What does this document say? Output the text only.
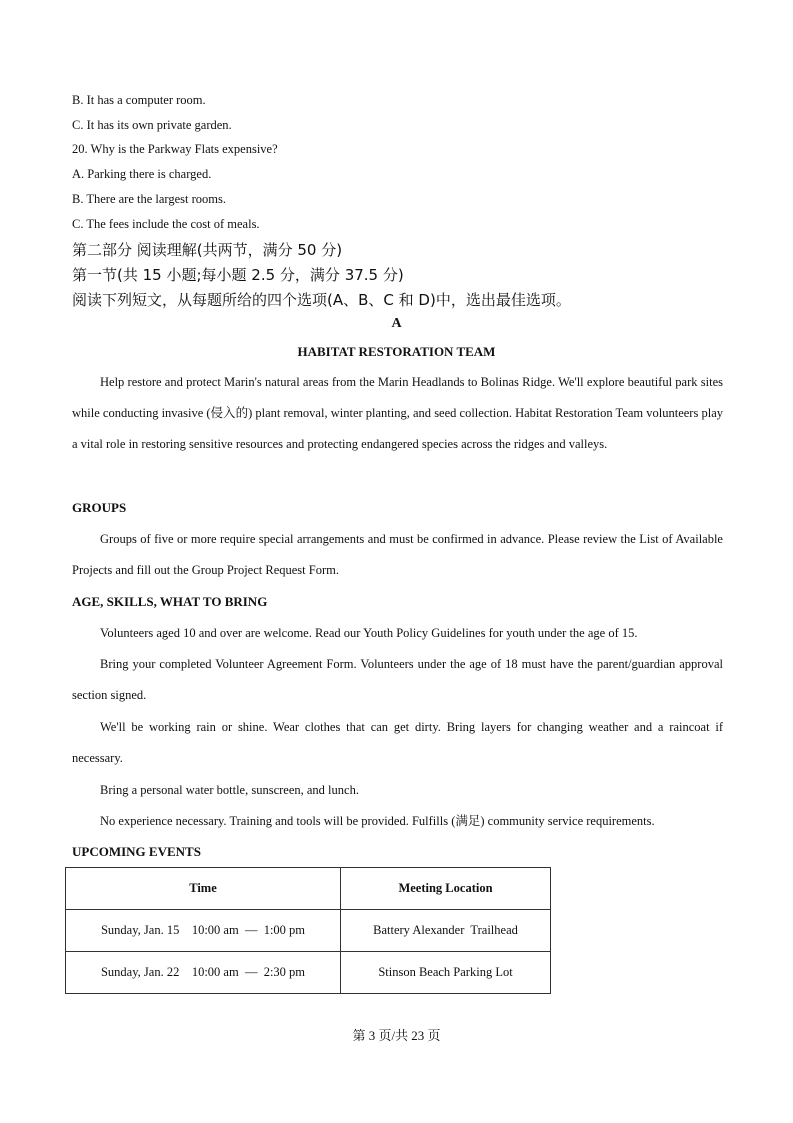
B. It has a computer room.
C. It has its own private garden.
20. Why is the Parkway Flats expensive?
A. Parking there is charged.
B. There are the largest rooms.
C. The fees include the cost of meals.
第二部分 阅读理解(共两节，满分 50 分)
第一节(共 15 小题;每小题 2.5 分，满分 37.5 分)
阅读下列短文，从每题所给的四个选项(A、B、C 和 D)中，选出最佳选项。
A
HABITAT RESTORATION TEAM
Help restore and protect Marin's natural areas from the Marin Headlands to Bolinas Ridge. We'll explore beautiful park sites while conducting invasive (侵入的) plant removal, winter planting, and seed collection. Habitat Restoration Team volunteers play a vital role in restoring sensitive resources and protecting endangered species across the ridges and valleys.
GROUPS
Groups of five or more require special arrangements and must be confirmed in advance. Please review the List of Available Projects and fill out the Group Project Request Form.
AGE, SKILLS, WHAT TO BRING
Volunteers aged 10 and over are welcome. Read our Youth Policy Guidelines for youth under the age of 15.
Bring your completed Volunteer Agreement Form. Volunteers under the age of 18 must have the parent/guardian approval section signed.
We'll be working rain or shine. Wear clothes that can get dirty. Bring layers for changing weather and a raincoat if necessary.
Bring a personal water bottle, sunscreen, and lunch.
No experience necessary. Training and tools will be provided. Fulfills (满足) community service requirements.
UPCOMING EVENTS
Time	Meeting Location
Sunday, Jan. 15    10:00 am  —  1:00 pm	Battery Alexander  Trailhead
Sunday, Jan. 22    10:00 am  —  2:30 pm	Stinson Beach Parking Lot
第 3 页/共 23 页
